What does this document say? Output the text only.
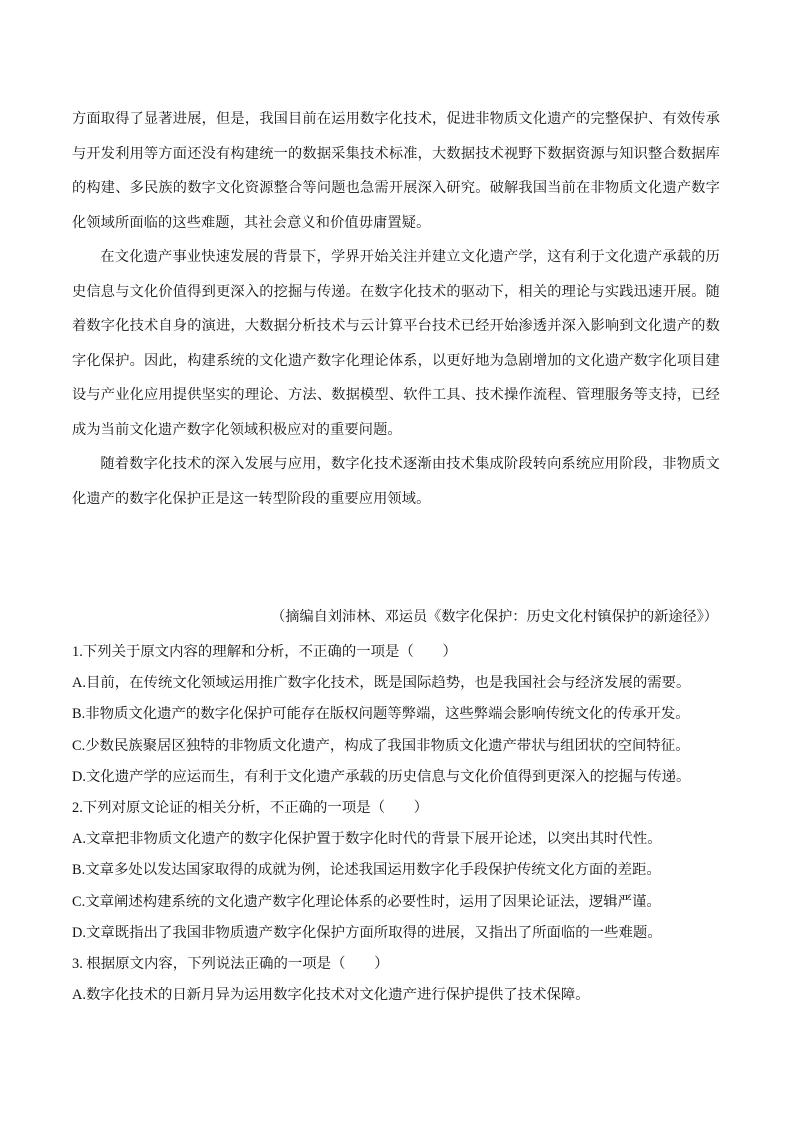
方面取得了显著进展，但是，我国目前在运用数字化技术，促进非物质文化遗产的完整保护、有效传承与开发利用等方面还没有构建统一的数据采集技术标准，大数据技术视野下数据资源与知识整合数据库的构建、多民族的数字文化资源整合等问题也急需开展深入研究。破解我国当前在非物质文化遗产数字化领域所面临的这些难题，其社会意义和价值毋庸置疑。

在文化遗产事业快速发展的背景下，学界开始关注并建立文化遗产学，这有利于文化遗产承载的历史信息与文化价值得到更深入的挖掘与传递。在数字化技术的驱动下，相关的理论与实践迅速开展。随着数字化技术自身的演进，大数据分析技术与云计算平台技术已经开始渗透并深入影响到文化遗产的数字化保护。因此，构建系统的文化遗产数字化理论体系，以更好地为急剧增加的文化遗产数字化项目建设与产业化应用提供坚实的理论、方法、数据模型、软件工具、技术操作流程、管理服务等支持，已经成为当前文化遗产数字化领域积极应对的重要问题。

随着数字化技术的深入发展与应用，数字化技术逐渐由技术集成阶段转向系统应用阶段，非物质文化遗产的数字化保护正是这一转型阶段的重要应用领域。

（摘编自刘沛林、邓运员《数字化保护：历史文化村镇保护的新途径》）
1.下列关于原文内容的理解和分析，不正确的一项是（　　）
A.目前，在传统文化领域运用推广数字化技术，既是国际趋势，也是我国社会与经济发展的需要。
B.非物质文化遗产的数字化保护可能存在版权问题等弊端，这些弊端会影响传统文化的传承开发。
C.少数民族聚居区独特的非物质文化遗产，构成了我国非物质文化遗产带状与组团状的空间特征。
D.文化遗产学的应运而生，有利于文化遗产承载的历史信息与文化价值得到更深入的挖掘与传递。
2.下列对原文论证的相关分析，不正确的一项是（　　）
A.文章把非物质文化遗产的数字化保护置于数字化时代的背景下展开论述，以突出其时代性。
B.文章多处以发达国家取得的成就为例，论述我国运用数字化手段保护传统文化方面的差距。
C.文章阐述构建系统的文化遗产数字化理论体系的必要性时，运用了因果论证法，逻辑严谨。
D.文章既指出了我国非物质遗产数字化保护方面所取得的进展，又指出了所面临的一些难题。
3. 根据原文内容，下列说法正确的一项是（　　）
A.数字化技术的日新月异为运用数字化技术对文化遗产进行保护提供了技术保障。
